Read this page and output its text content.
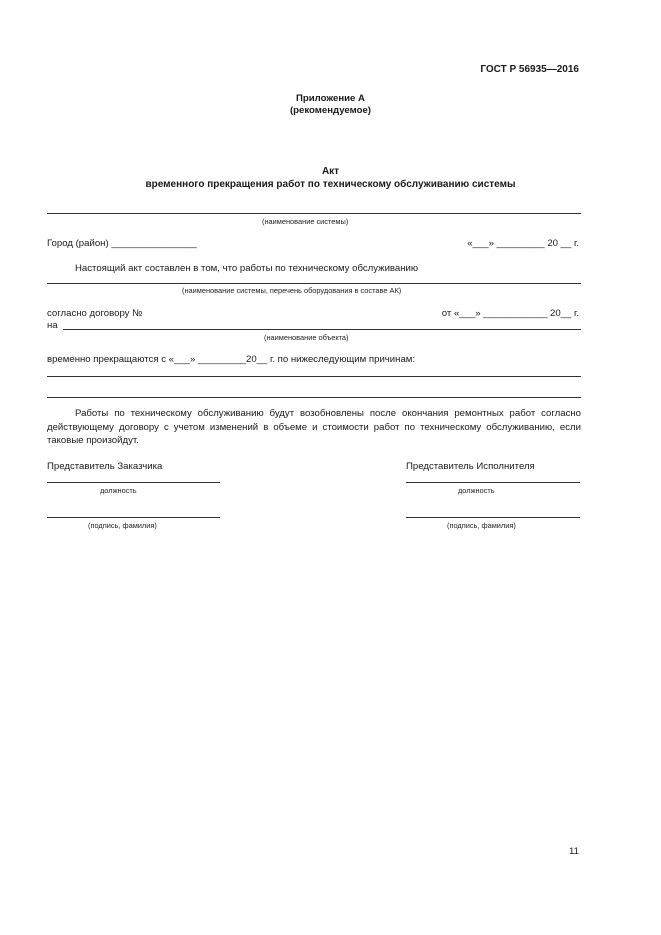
ГОСТ Р 56935—2016
Приложение А
(рекомендуемое)
Акт
временного прекращения работ по техническому обслуживанию системы
(наименование системы)
Город (район) ________________	«___» _________ 20 __ г.
Настоящий акт составлен в том, что работы по техническому обслуживанию
(наименование системы, перечень оборудования в составе АК)
согласно договору №	от «___» ____________ 20__ г.
на
(наименование объекта)
временно прекращаются с «___» _________20__ г. по нижеследующим причинам:
Работы по техническому обслуживанию будут возобновлены после окончания ремонтных работ согласно действующему договору с учетом изменений в объеме и стоимости работ по техническому обслуживанию, если таковые произойдут.
Представитель Заказчика	Представитель Исполнителя
должность	должность
(подпись, фамилия)	(подпись, фамилия)
11
